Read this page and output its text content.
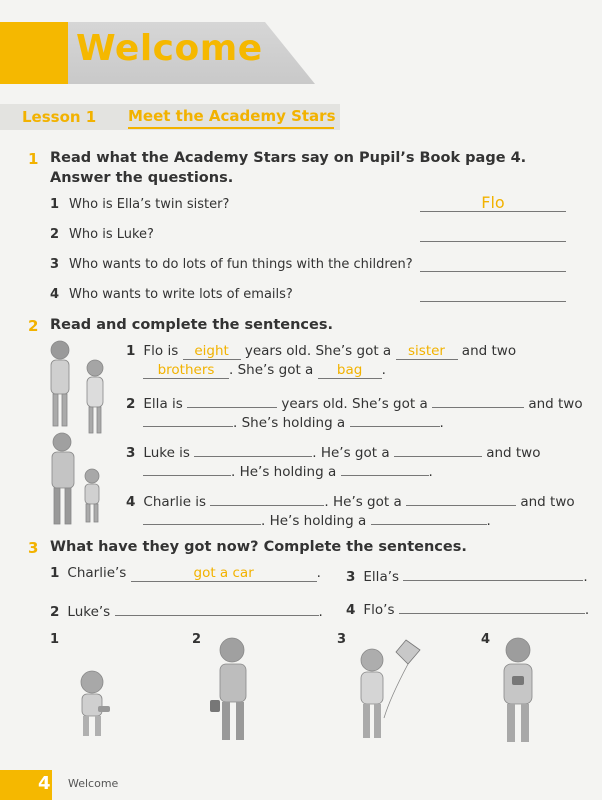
Welcome
Lesson 1 Meet the Academy Stars
1 Read what the Academy Stars say on Pupil’s Book page 4.
Answer the questions.
1 Who is Ella’s twin sister?	Flo
2 Who is Luke?
3 Who wants to do lots of fun things with the children?
4 Who wants to write lots of emails?
2 Read and complete the sentences.
1 Flo is eight years old. She’s got a sister and two
brothers . She’s got a bag .
2 Ella is	years old. She’s got a	and two
. She’s holding a	.
3 Luke is	. He’s got a	and two
. He’s holding a	.
4 Charlie is	. He’s got a	and two
. He’s holding a	.
3 What have they got now? Complete the sentences.
1 Charlie’s	got a car	.
2 Luke’s	.
3 Ella’s	.
4 Flo’s	.
1	2	3	4
4 Welcome
